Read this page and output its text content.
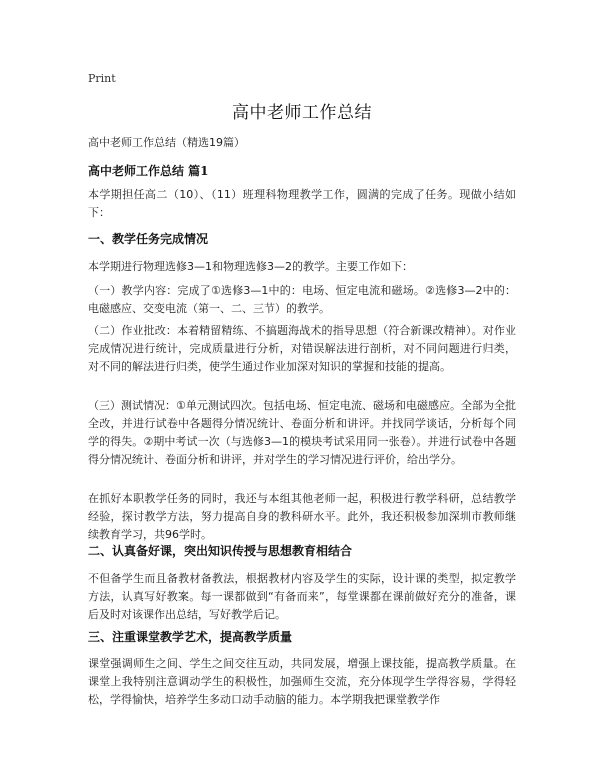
Print
高中老师工作总结
高中老师工作总结（精选19篇）
高中老师工作总结 篇1
本学期担任高二（10）、（11）班理科物理教学工作，圆满的完成了任务。现做小结如下：
一、教学任务完成情况
本学期进行物理选修3—1和物理选修3—2的教学。主要工作如下：
（一）教学内容：完成了①选修3—1中的：电场、恒定电流和磁场。②选修3—2中的：电磁感应、交变电流（第一、二、三节）的教学。
（二）作业批改：本着精留精练、不搞题海战术的指导思想（符合新课改精神）。对作业完成情况进行统计，完成质量进行分析，对错误解法进行剖析，对不同问题进行归类，对不同的解法进行归类，使学生通过作业加深对知识的掌握和技能的提高。
（三）测试情况：①单元测试四次。包括电场、恒定电流、磁场和电磁感应。全部为全批全改，并进行试卷中各题得分情况统计、卷面分析和讲评。并找同学谈话，分析每个同学的得失。②期中考试一次（与选修3—1的模块考试采用同一张卷）。并进行试卷中各题得分情况统计、卷面分析和讲评，并对学生的学习情况进行评价，给出学分。
在抓好本职教学任务的同时，我还与本组其他老师一起，积极进行教学科研，总结教学经验，探讨教学方法，努力提高自身的教科研水平。此外，我还积极参加深圳市教师继续教育学习，共96学时。
二、认真备好课，突出知识传授与思想教育相结合
不但备学生而且备教材备教法，根据教材内容及学生的实际，设计课的类型，拟定教学方法，认真写好教案。每一课都做到“有备而来”，每堂课都在课前做好充分的准备，课后及时对该课作出总结，写好教学后记。
三、注重课堂教学艺术，提高教学质量
课堂强调师生之间、学生之间交往互动，共同发展，增强上课技能，提高教学质量。在课堂上我特别注意调动学生的积极性，加强师生交流，充分体现学生学得容易，学得轻松，学得愉快，培养学生多动口动手动脑的能力。本学期我把课堂教学作
